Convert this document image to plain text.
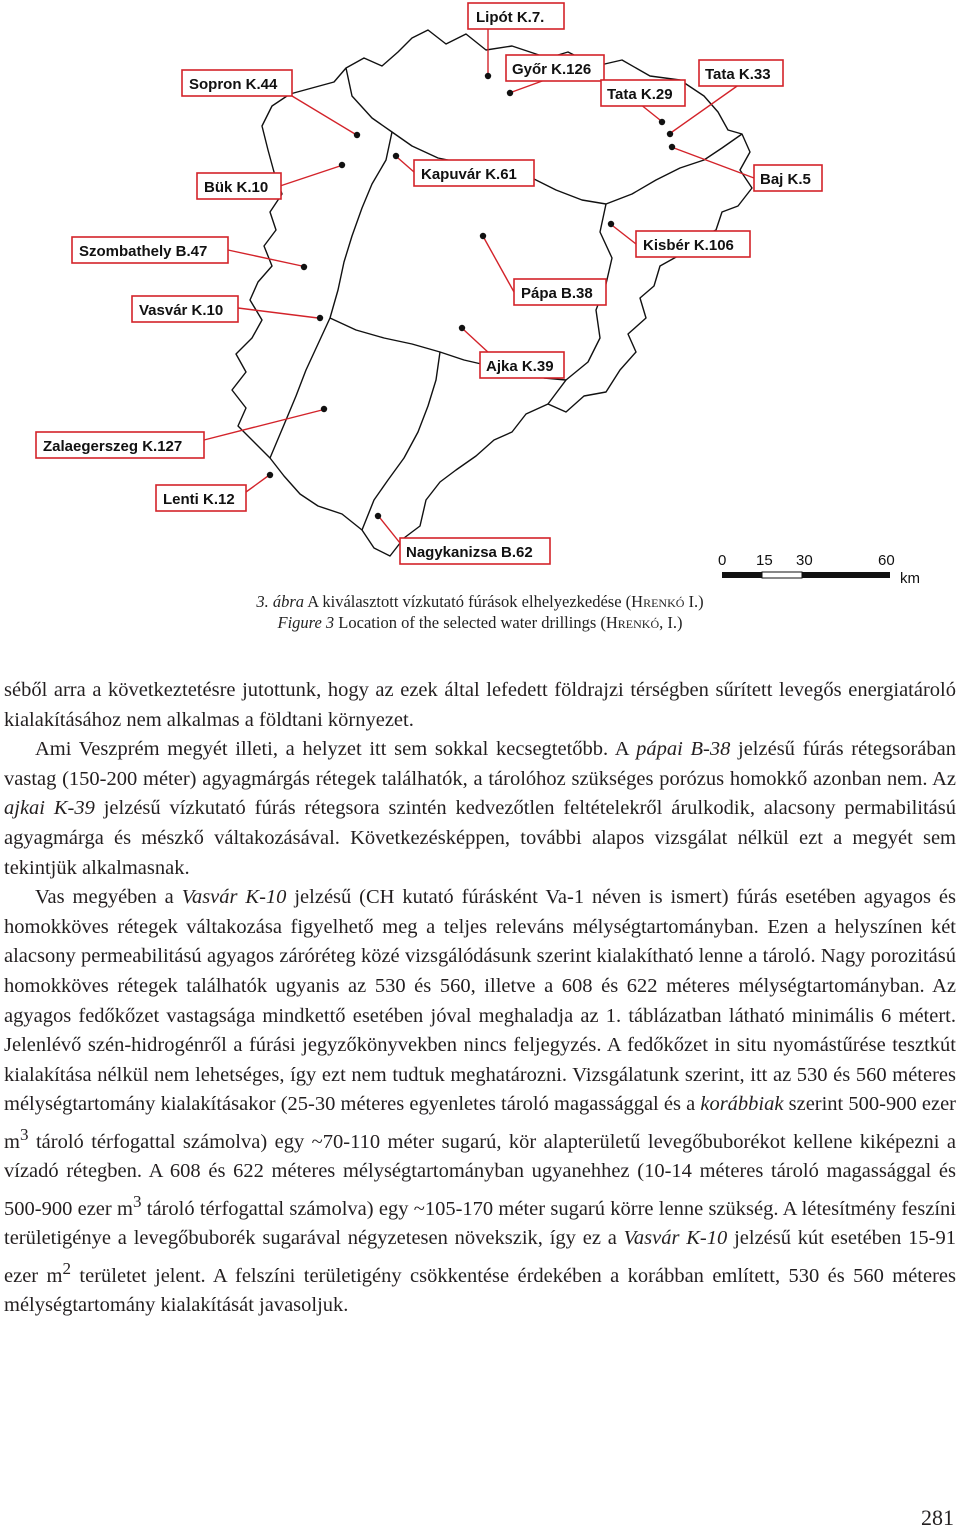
Lipót K.7.
Sopron K.44
Győr K.126	Tata K.33
Tata K.29
Bük K.10
Kapuvár K.61	Baj K.5
Szombathely B.47	Kisbér K.106
Pápa B.38
Vasvár K.10
Ajka K.39
Zalaegerszeg K.127
Lenti K.12
Nagykanizsa B.62	0 15 30	60
km
3. ábra A kiválasztott vízkutató fúrások elhelyezkedése (Hrenkó I.)
Figure 3 Location of the selected water drillings (Hrenkó, I.)

séből arra a következtetésre jutottunk, hogy az ezek által lefedett földrajzi térségben sűrített levegős energiatároló kialakításához nem alkalmas a földtani környezet.

Ami Veszprém megyét illeti, a helyzet itt sem sokkal kecsegtetőbb. A pápai B-38 jelzésű fúrás rétegsorában vastag (150-200 méter) agyagmárgás rétegek találhatók, a tárolóhoz szükséges porózus homokkő azonban nem. Az ajkai K-39 jelzésű vízkutató fúrás rétegsora szintén kedvezőtlen feltételekről árulkodik, alacsony permabilitású agyagmárga és mészkő váltakozásával. Következésképpen, további alapos vizsgálat nélkül ezt a megyét sem tekintjük alkalmasnak.

Vas megyében a Vasvár K-10 jelzésű (CH kutató fúrásként Va-1 néven is ismert) fúrás esetében agyagos és homokköves rétegek váltakozása figyelhető meg a teljes releváns mélységtartományban. Ezen a helyszínen két alacsony permeabilitású agyagos záróréteg közé vizsgálódásunk szerint kialakítható lenne a tároló. Nagy porozitású homokköves rétegek találhatók ugyanis az 530 és 560, illetve a 608 és 622 méteres mélységtartományban. Az agyagos fedőkőzet vastagsága mindkettő esetében jóval meghaladja az 1. táblázatban látható minimális 6 métert. Jelenlévő szén-hidrogénről a fúrási jegyzőkönyvekben nincs feljegyzés. A fedőkőzet in situ nyomástűrése tesztkút kialakítása nélkül nem lehetséges, így ezt nem tudtuk meghatározni. Vizsgálatunk szerint, itt az 530 és 560 méteres mélységtartomány kialakításakor (25-30 méteres egyenletes tároló magassággal és a korábbiak szerint 500-900 ezer $m^3$ tároló térfogattal számolva) egy ~70-110 méter sugarú, kör alapterületű levegőbuborékot kellene kiképezni a vízadó rétegben. A 608 és 622 méteres mélységtartományban ugyanehhez (10-14 méteres tároló magassággal és 500-900 ezer $m^3$ tároló térfogattal számolva) egy ~105-170 méter sugarú körre lenne szükség. A létesítmény feszíni területigénye a levegőbuborék sugarával négyzetesen növekszik, így ez a Vasvár K-10 jelzésű kút esetében 15-91 ezer $m^2$ területet jelent. A felszíni területigény csökkentése érdekében a korábban említett, 530 és 560 méteres mélységtartomány kialakítását javasoljuk.

281
